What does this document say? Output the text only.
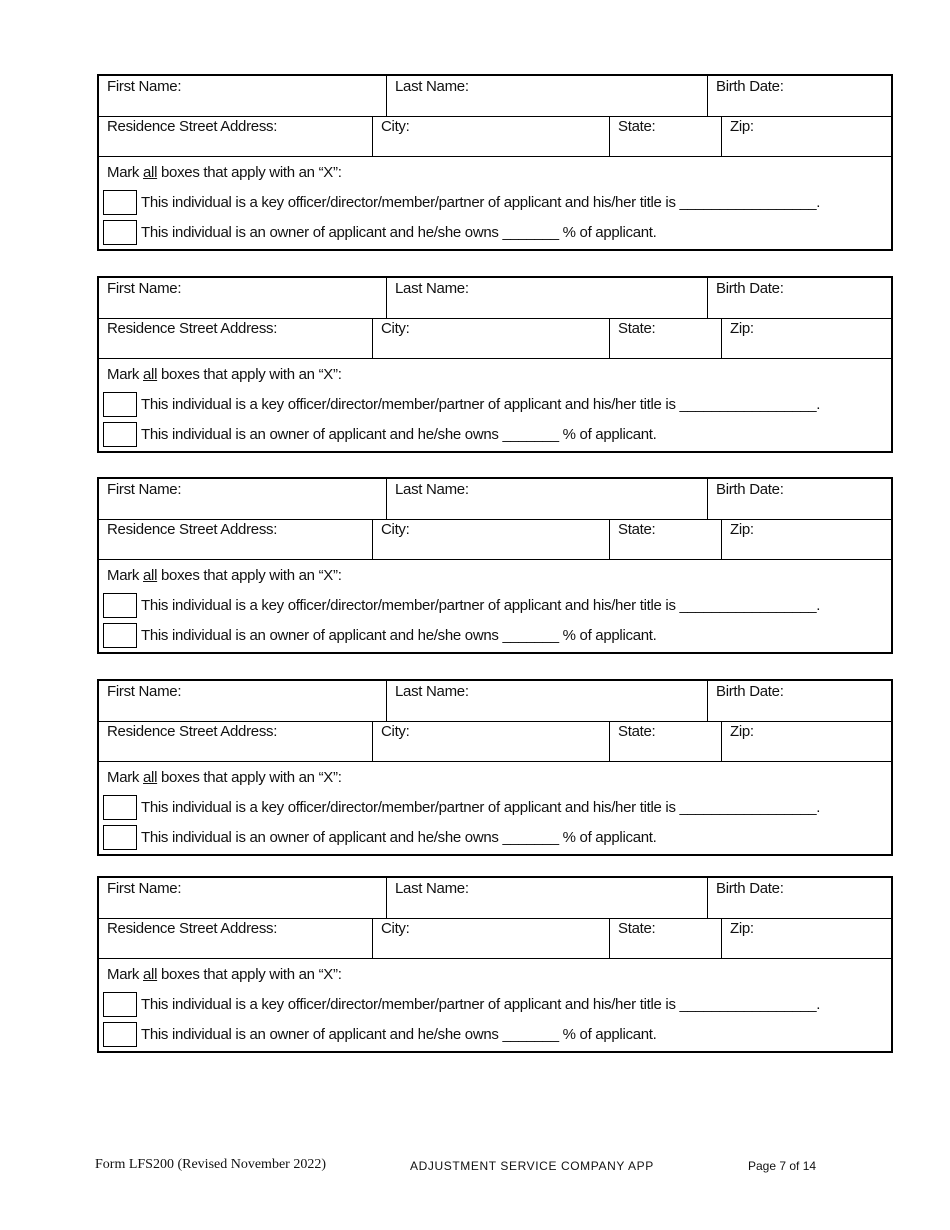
First Name:	Last Name:	Birth Date:
Residence Street Address:	City:	State:	Zip:
Mark all boxes that apply with an “X”:
This individual is a key officer/director/member/partner of applicant and his/her title is _________________.
This individual is an owner of applicant and he/she owns _______ % of applicant.
First Name:	Last Name:	Birth Date:
Residence Street Address:	City:	State:	Zip:
Mark all boxes that apply with an “X”:
This individual is a key officer/director/member/partner of applicant and his/her title is _________________.
This individual is an owner of applicant and he/she owns _______ % of applicant.
First Name:	Last Name:	Birth Date:
Residence Street Address:	City:	State:	Zip:
Mark all boxes that apply with an “X”:
This individual is a key officer/director/member/partner of applicant and his/her title is _________________.
This individual is an owner of applicant and he/she owns _______ % of applicant.
First Name:	Last Name:	Birth Date:
Residence Street Address:	City:	State:	Zip:
Mark all boxes that apply with an “X”:
This individual is a key officer/director/member/partner of applicant and his/her title is _________________.
This individual is an owner of applicant and he/she owns _______ % of applicant.
First Name:	Last Name:	Birth Date:
Residence Street Address:	City:	State:	Zip:
Mark all boxes that apply with an “X”:
This individual is a key officer/director/member/partner of applicant and his/her title is _________________.
This individual is an owner of applicant and he/she owns _______ % of applicant.
Form LFS200 (Revised November 2022)	ADJUSTMENT SERVICE COMPANY APP	Page 7 of 14
